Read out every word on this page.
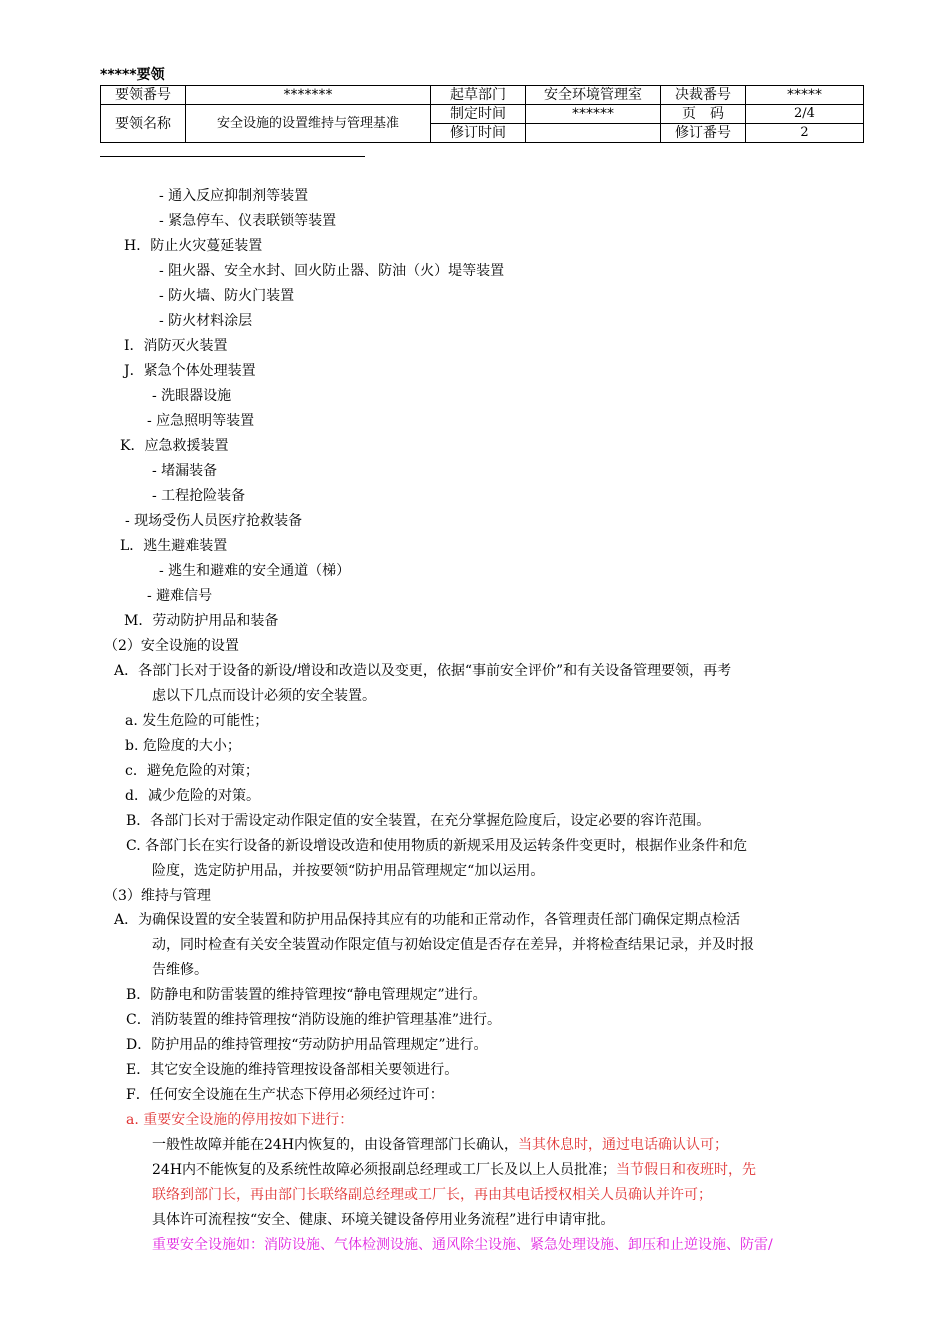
*****要领
要领番号	*******	起草部门	安全环境管理室	决裁番号	*****
要领名称	安全设施的设置维持与管理基准	制定时间	******	页　码	2/4
		修订时间		修订番号	2
- 通入反应抑制剂等装置
- 紧急停车、仪表联锁等装置
H．防止火灾蔓延装置
- 阻火器、安全水封、回火防止器、防油（火）堤等装置
- 防火墙、防火门装置
- 防火材料涂层
I．消防灭火装置
J．紧急个体处理装置
- 洗眼器设施
- 应急照明等装置
K．应急救援装置
- 堵漏装备
- 工程抢险装备
- 现场受伤人员医疗抢救装备
L．逃生避难装置
- 逃生和避难的安全通道（梯）
- 避难信号
M．劳动防护用品和装备
（2）安全设施的设置
A．各部门长对于设备的新设/增设和改造以及变更，依据“事前安全评价”和有关设备管理要领，再考
虑以下几点而设计必须的安全装置。
a. 发生危险的可能性；
b. 危险度的大小；
c．避免危险的对策；
d．减少危险的对策。
B．各部门长对于需设定动作限定值的安全装置，在充分掌握危险度后，设定必要的容许范围。
C. 各部门长在实行设备的新设增设改造和使用物质的新规采用及运转条件变更时，根据作业条件和危
险度，选定防护用品，并按要领“防护用品管理规定“加以运用。
（3）维持与管理
A．为确保设置的安全装置和防护用品保持其应有的功能和正常动作，各管理责任部门确保定期点检活
动，同时检查有关安全装置动作限定值与初始设定值是否存在差异，并将检查结果记录，并及时报
告维修。
B．防静电和防雷装置的维持管理按“静电管理规定”进行。
C．消防装置的维持管理按“消防设施的维护管理基准”进行。
D．防护用品的维持管理按“劳动防护用品管理规定”进行。
E．其它安全设施的维持管理按设备部相关要领进行。
F．任何安全设施在生产状态下停用必须经过许可：
a. 重要安全设施的停用按如下进行：
一般性故障并能在24H内恢复的，由设备管理部门长确认，当其休息时，通过电话确认认可；
24H内不能恢复的及系统性故障必须报副总经理或工厂长及以上人员批准；当节假日和夜班时，先
联络到部门长，再由部门长联络副总经理或工厂长，再由其电话授权相关人员确认并许可；
具体许可流程按“安全、健康、环境关键设备停用业务流程”进行申请审批。
重要安全设施如：消防设施、气体检测设施、通风除尘设施、紧急处理设施、卸压和止逆设施、防雷/
